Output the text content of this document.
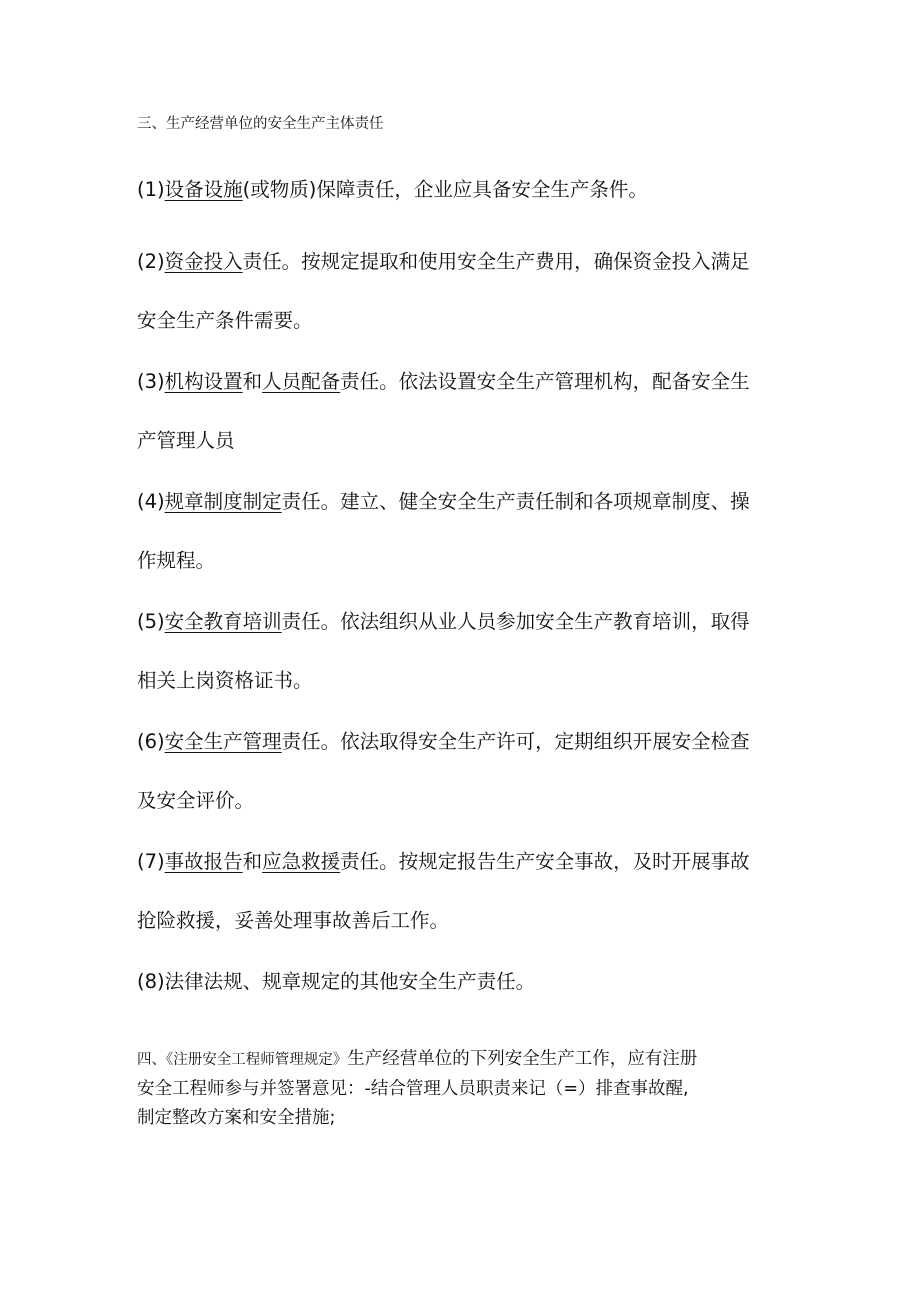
三、生产经营单位的安全生产主体责任
(1)设备设施(或物质)保障责任，企业应具备安全生产条件。
(2)资金投入责任。按规定提取和使用安全生产费用，确保资金投入满足
安全生产条件需要。
(3)机构设置和人员配备责任。依法设置安全生产管理机构，配备安全生
产管理人员
(4)规章制度制定责任。建立、健全安全生产责任制和各项规章制度、操
作规程。
(5)安全教育培训责任。依法组织从业人员参加安全生产教育培训，取得
相关上岗资格证书。
(6)安全生产管理责任。依法取得安全生产许可，定期组织开展安全检查
及安全评价。
(7)事故报告和应急救援责任。按规定报告生产安全事故，及时开展事故
抢险救援，妥善处理事故善后工作。
(8)法律法规、规章规定的其他安全生产责任。
四、《注册安全工程师管理规定》生产经营单位的下列安全生产工作，应有注册
安全工程师参与并签署意见：-结合管理人员职责来记（=）排查事故醒,
制定整改方案和安全措施;
